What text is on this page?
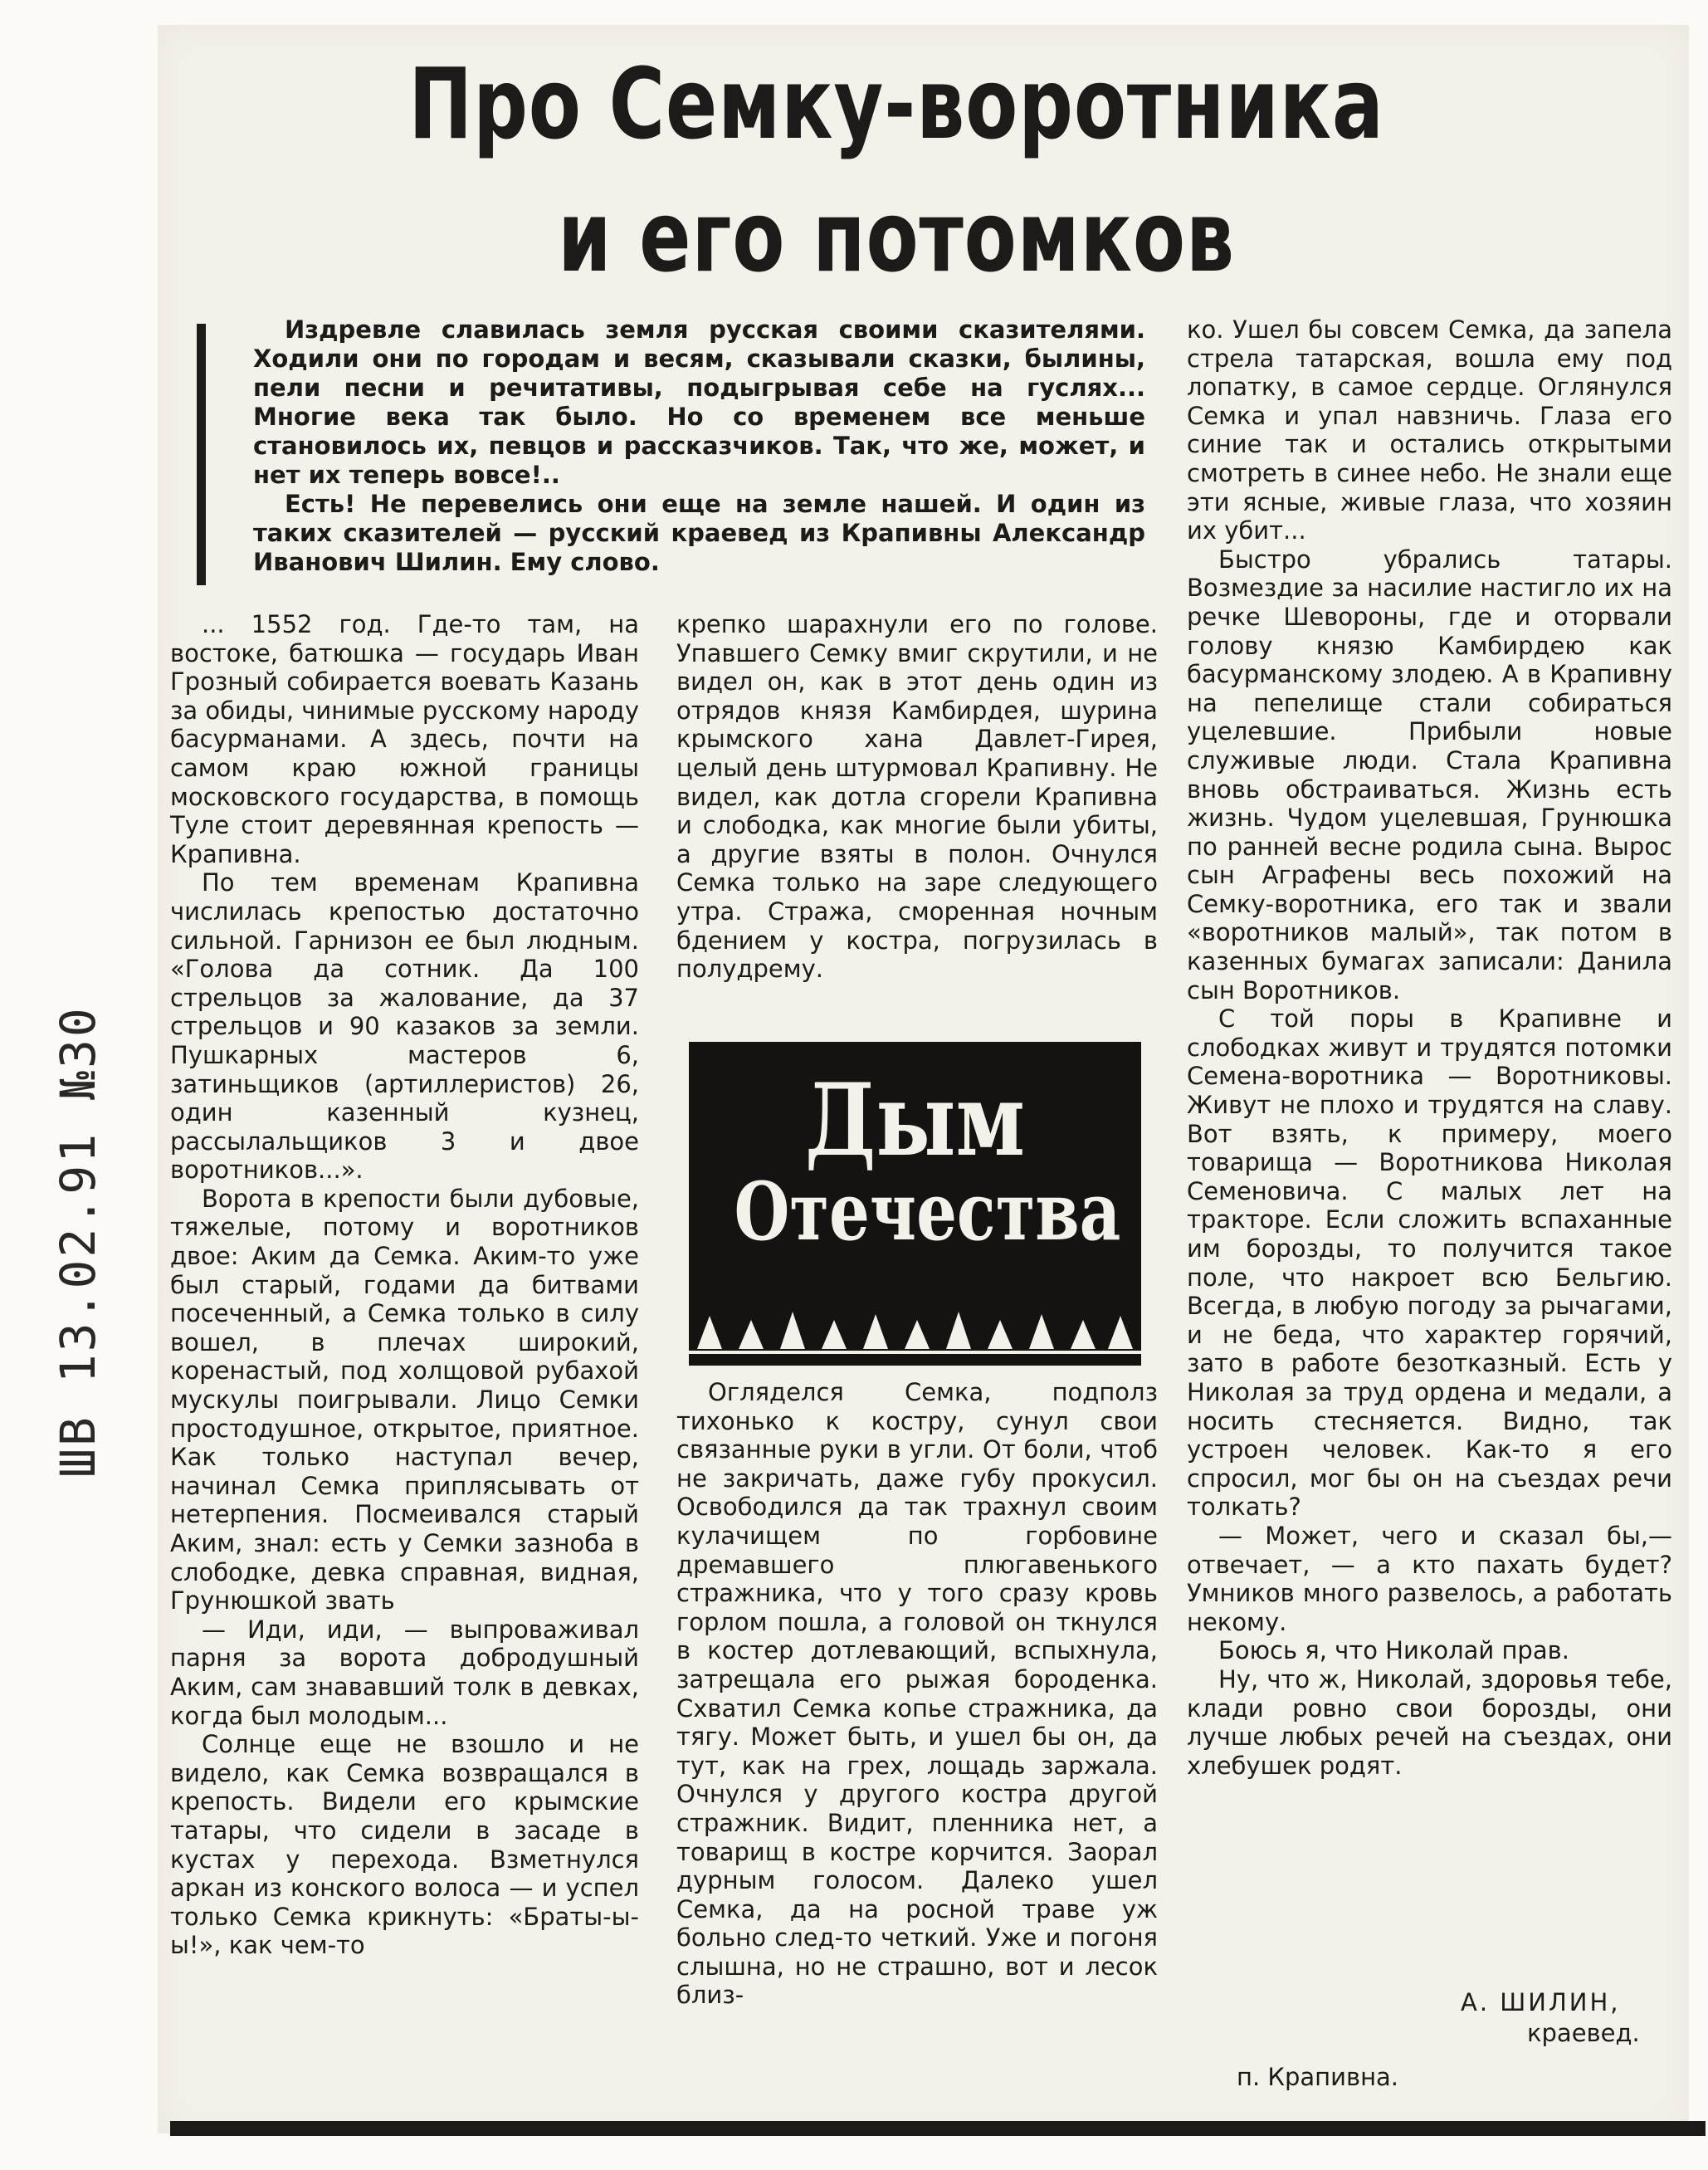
ШВ 13.02.91 №30
Про Семку-воротника
и его потомков

Издревле славилась земля русская своими сказителями. Ходили они по городам и весям, сказывали сказки, былины, пели песни и речитативы, подыгрывая себе на гуслях... Многие века так было. Но со временем все меньше становилось их, певцов и рассказчиков. Так, что же, может, и нет их теперь вовсе!..

Есть! Не перевелись они еще на земле нашей. И один из таких сказителей — русский краевед из Крапивны Александр Иванович Шилин. Ему слово.

... 1552 год. Где-то там, на востоке, батюшка — государь Иван Грозный собирается воевать Казань за обиды, чинимые русскому народу басурманами. А здесь, почти на самом краю южной границы московского государства, в помощь Туле стоит деревянная крепость — Крапивна.

По тем временам Крапивна числилась крепостью достаточно сильной. Гарнизон ее был людным. «Голова да сотник. Да 100 стрельцов за жалование, да 37 стрельцов и 90 казаков за земли. Пушкарных мастеров 6, затиньщиков (артиллеристов) 26, один казенный кузнец, рассылальщиков 3 и двое воротников...».

Ворота в крепости были дубовые, тяжелые, потому и воротников двое: Аким да Семка. Аким-то уже был старый, годами да битвами посеченный, а Семка только в силу вошел, в плечах широкий, коренастый, под холщовой рубахой мускулы поигрывали. Лицо Семки простодушное, открытое, приятное. Как только наступал вечер, начинал Семка приплясывать от нетерпения. Посмеивался старый Аким, знал: есть у Семки зазноба в слободке, девка справная, видная, Грунюшкой звать

— Иди, иди, — выпроваживал парня за ворота добродушный Аким, сам знававший толк в девках, когда был молодым...

Солнце еще не взошло и не видело, как Семка возвращался в крепость. Видели его крымские татары, что сидели в засаде в кустах у перехода. Взметнулся аркан из конского волоса — и успел только Семка крикнуть: «Браты-ы-ы!», как чем-то

крепко шарахнули его по голове. Упавшего Семку вмиг скрутили, и не видел он, как в этот день один из отрядов князя Камбирдея, шурина крымского хана Давлет-Гирея, целый день штурмовал Крапивну. Не видел, как дотла сгорели Крапивна и слободка, как многие были убиты, а другие взяты в полон. Очнулся Семка только на заре следующего утра. Стража, сморенная ночным бдением у костра, погрузилась в полудрему.

Дым
Отечества

Огляделся Семка, подполз тихонько к костру, сунул свои связанные руки в угли. От боли, чтоб не закричать, даже губу прокусил. Освободился да так трахнул своим кулачищем по горбовине дремавшего плюгавенького стражника, что у того сразу кровь горлом пошла, а головой он ткнулся в костер дотлевающий, вспыхнула, затрещала его рыжая бороденка. Схватил Семка копье стражника, да тягу. Может быть, и ушел бы он, да тут, как на грех, лощадь заржала. Очнулся у другого костра другой стражник. Видит, пленника нет, а товарищ в костре корчится. Заорал дурным голосом. Далеко ушел Семка, да на росной траве уж больно след-то четкий. Уже и погоня слышна, но не страшно, вот и лесок близ-

ко. Ушел бы совсем Семка, да запела стрела татарская, вошла ему под лопатку, в самое сердце. Оглянулся Семка и упал навзничь. Глаза его синие так и остались открытыми смотреть в синее небо. Не знали еще эти ясные, живые глаза, что хозяин их убит...

Быстро убрались татары. Возмездие за насилие настигло их на речке Шевороны, где и оторвали голову князю Камбирдею как басурманскому злодею. А в Крапивну на пепелище стали собираться уцелевшие. Прибыли новые служивые люди. Стала Крапивна вновь обстраиваться. Жизнь есть жизнь. Чудом уцелевшая, Грунюшка по ранней весне родила сына. Вырос сын Аграфены весь похожий на Семку-воротника, его так и звали «воротников малый», так потом в казенных бумагах записали: Данила сын Воротников.

С той поры в Крапивне и слободках живут и трудятся потомки Семена-воротника — Воротниковы. Живут не плохо и трудятся на славу. Вот взять, к примеру, моего товарища — Воротникова Николая Семеновича. С малых лет на тракторе. Если сложить вспаханные им борозды, то получится такое поле, что накроет всю Бельгию. Всегда, в любую погоду за рычагами, и не беда, что характер горячий, зато в работе безотказный. Есть у Николая за труд ордена и медали, а носить стесняется. Видно, так устроен человек. Как-то я его спросил, мог бы он на съездах речи толкать?

— Может, чего и сказал бы,— отвечает, — а кто пахать будет? Умников много развелось, а работать некому.

Боюсь я, что Николай прав.

Ну, что ж, Николай, здоровья тебе, клади ровно свои борозды, они лучше любых речей на съездах, они хлебушек родят.

А. ШИЛИН,
краевед.
п. Крапивна.
